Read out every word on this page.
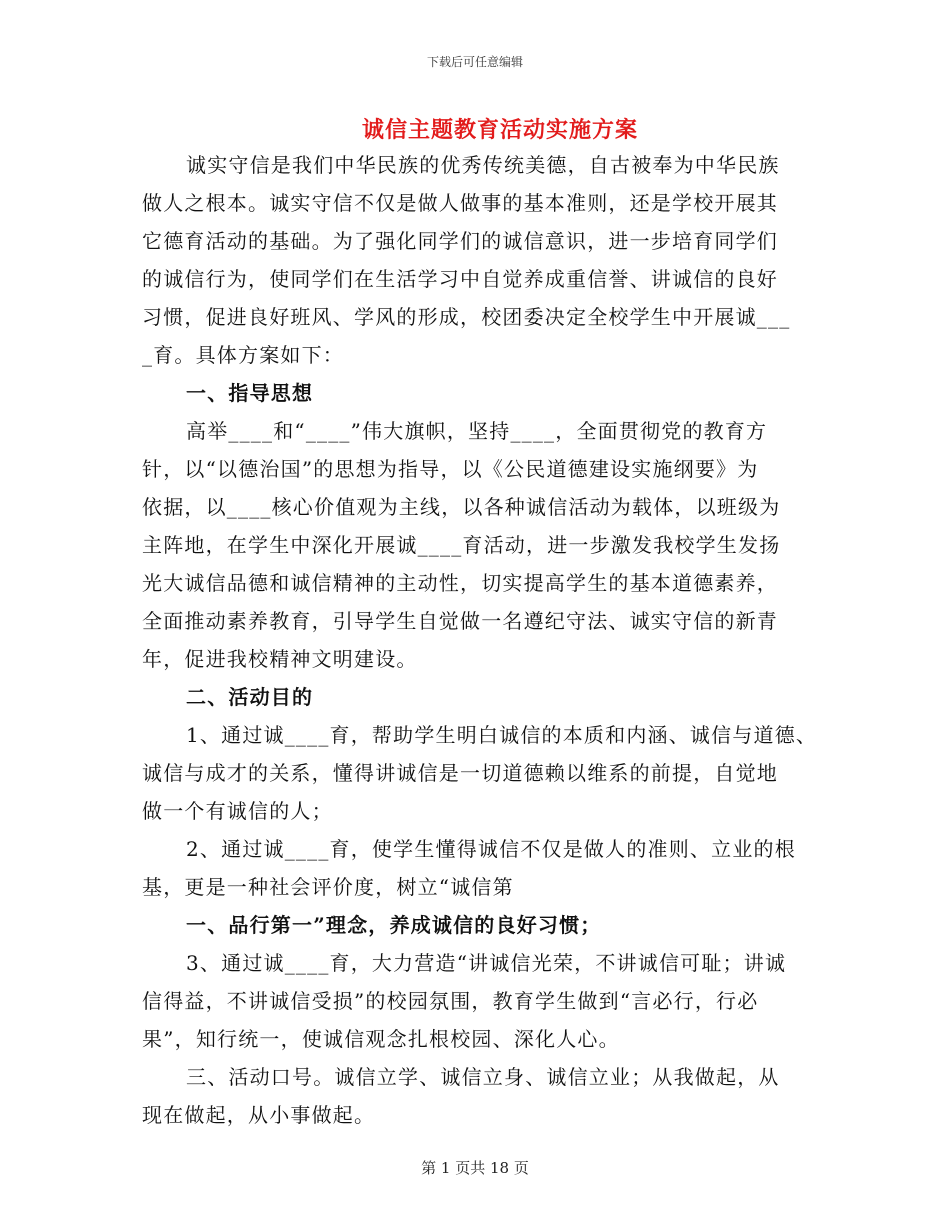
下载后可任意编辑
诚信主题教育活动实施方案
诚实守信是我们中华民族的优秀传统美德，自古被奉为中华民族
做人之根本。诚实守信不仅是做人做事的基本准则，还是学校开展其
它德育活动的基础。为了强化同学们的诚信意识，进一步培育同学们
的诚信行为，使同学们在生活学习中自觉养成重信誉、讲诚信的良好
习惯，促进良好班风、学风的形成，校团委决定全校学生中开展诚___
_育。具体方案如下：
一、指导思想
高举____和“____”伟大旗帜，坚持____，全面贯彻党的教育方
针，以“以德治国”的思想为指导，以《公民道德建设实施纲要》为
依据，以____核心价值观为主线，以各种诚信活动为载体，以班级为
主阵地，在学生中深化开展诚____育活动，进一步激发我校学生发扬
光大诚信品德和诚信精神的主动性，切实提高学生的基本道德素养，
全面推动素养教育，引导学生自觉做一名遵纪守法、诚实守信的新青
年，促进我校精神文明建设。
二、活动目的
1、通过诚____育，帮助学生明白诚信的本质和内涵、诚信与道德、
诚信与成才的关系，懂得讲诚信是一切道德赖以维系的前提，自觉地
做一个有诚信的人；
2、通过诚____育，使学生懂得诚信不仅是做人的准则、立业的根
基，更是一种社会评价度，树立“诚信第
一、品行第一”理念，养成诚信的良好习惯；
3、通过诚____育，大力营造“讲诚信光荣，不讲诚信可耻；讲诚
信得益，不讲诚信受损”的校园氛围，教育学生做到“言必行，行必
果”，知行统一，使诚信观念扎根校园、深化人心。
三、活动口号。诚信立学、诚信立身、诚信立业；从我做起，从
现在做起，从小事做起。
第 1 页共 18 页
